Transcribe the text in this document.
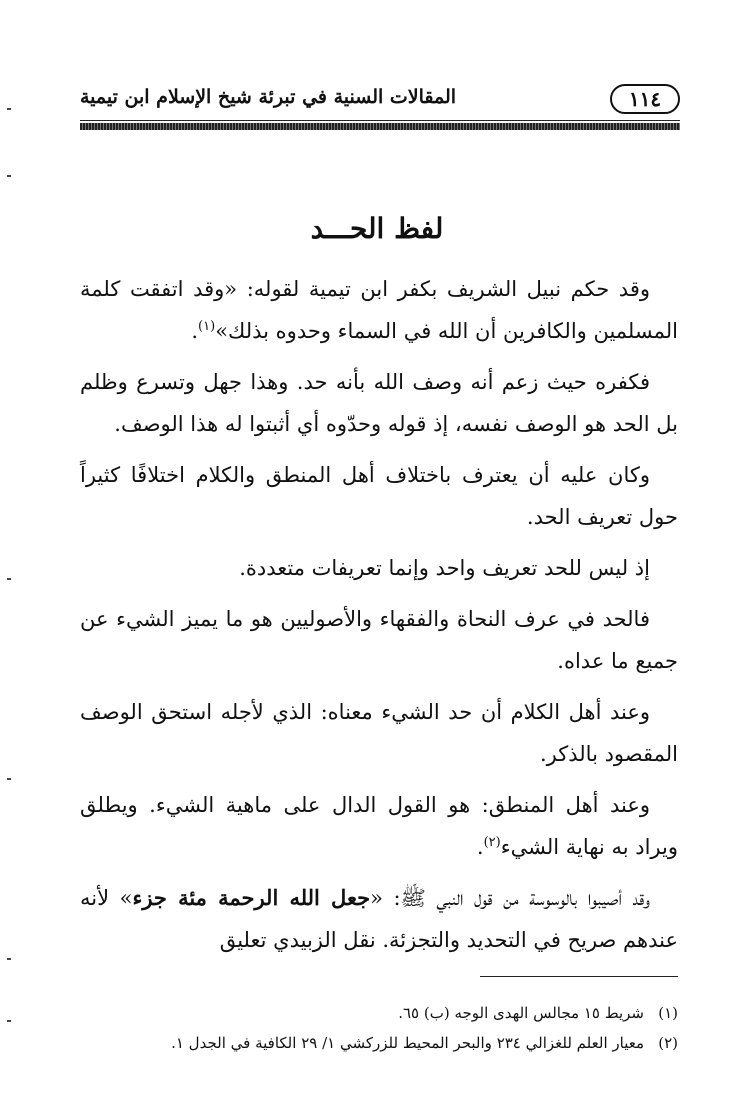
١١٤
المقالات السنية في تبرئة شيخ الإسلام ابن تيمية
لفظ الحـــد

وقد حكم نبيل الشريف بكفر ابن تيمية لقوله: «وقد اتفقت كلمة المسلمين والكافرين أن الله في السماء وحدوه بذلك»$^{(١)}$.

فكفره حيث زعم أنه وصف الله بأنه حد. وهذا جهل وتسرع وظلم بل الحد هو الوصف نفسه، إذ قوله وحدّوه أي أثبتوا له هذا الوصف.

وكان عليه أن يعترف باختلاف أهل المنطق والكلام اختلافًا كثيراً حول تعريف الحد.

إذ ليس للحد تعريف واحد وإنما تعريفات متعددة.

فالحد في عرف النحاة والفقهاء والأصوليين هو ما يميز الشيء عن جميع ما عداه.

وعند أهل الكلام أن حد الشيء معناه: الذي لأجله استحق الوصف المقصود بالذكر.

وعند أهل المنطق: هو القول الدال على ماهية الشيء. ويطلق ويراد به نهاية الشيء$^{(٢)}$.

وقد أصيبوا بالوسوسة من قول النبي ﷺ: «جعل الله الرحمة مئة جزء» لأنه عندهم صريح في التحديد والتجزئة. نقل الزبيدي تعليق

(١)شريط ١٥ مجالس الهدى الوجه (ب) ٦٥.
(٢)معيار العلم للغزالي ٢٣٤ والبحر المحيط للزركشي ١/ ٢٩ الكافية في الجدل ١.
